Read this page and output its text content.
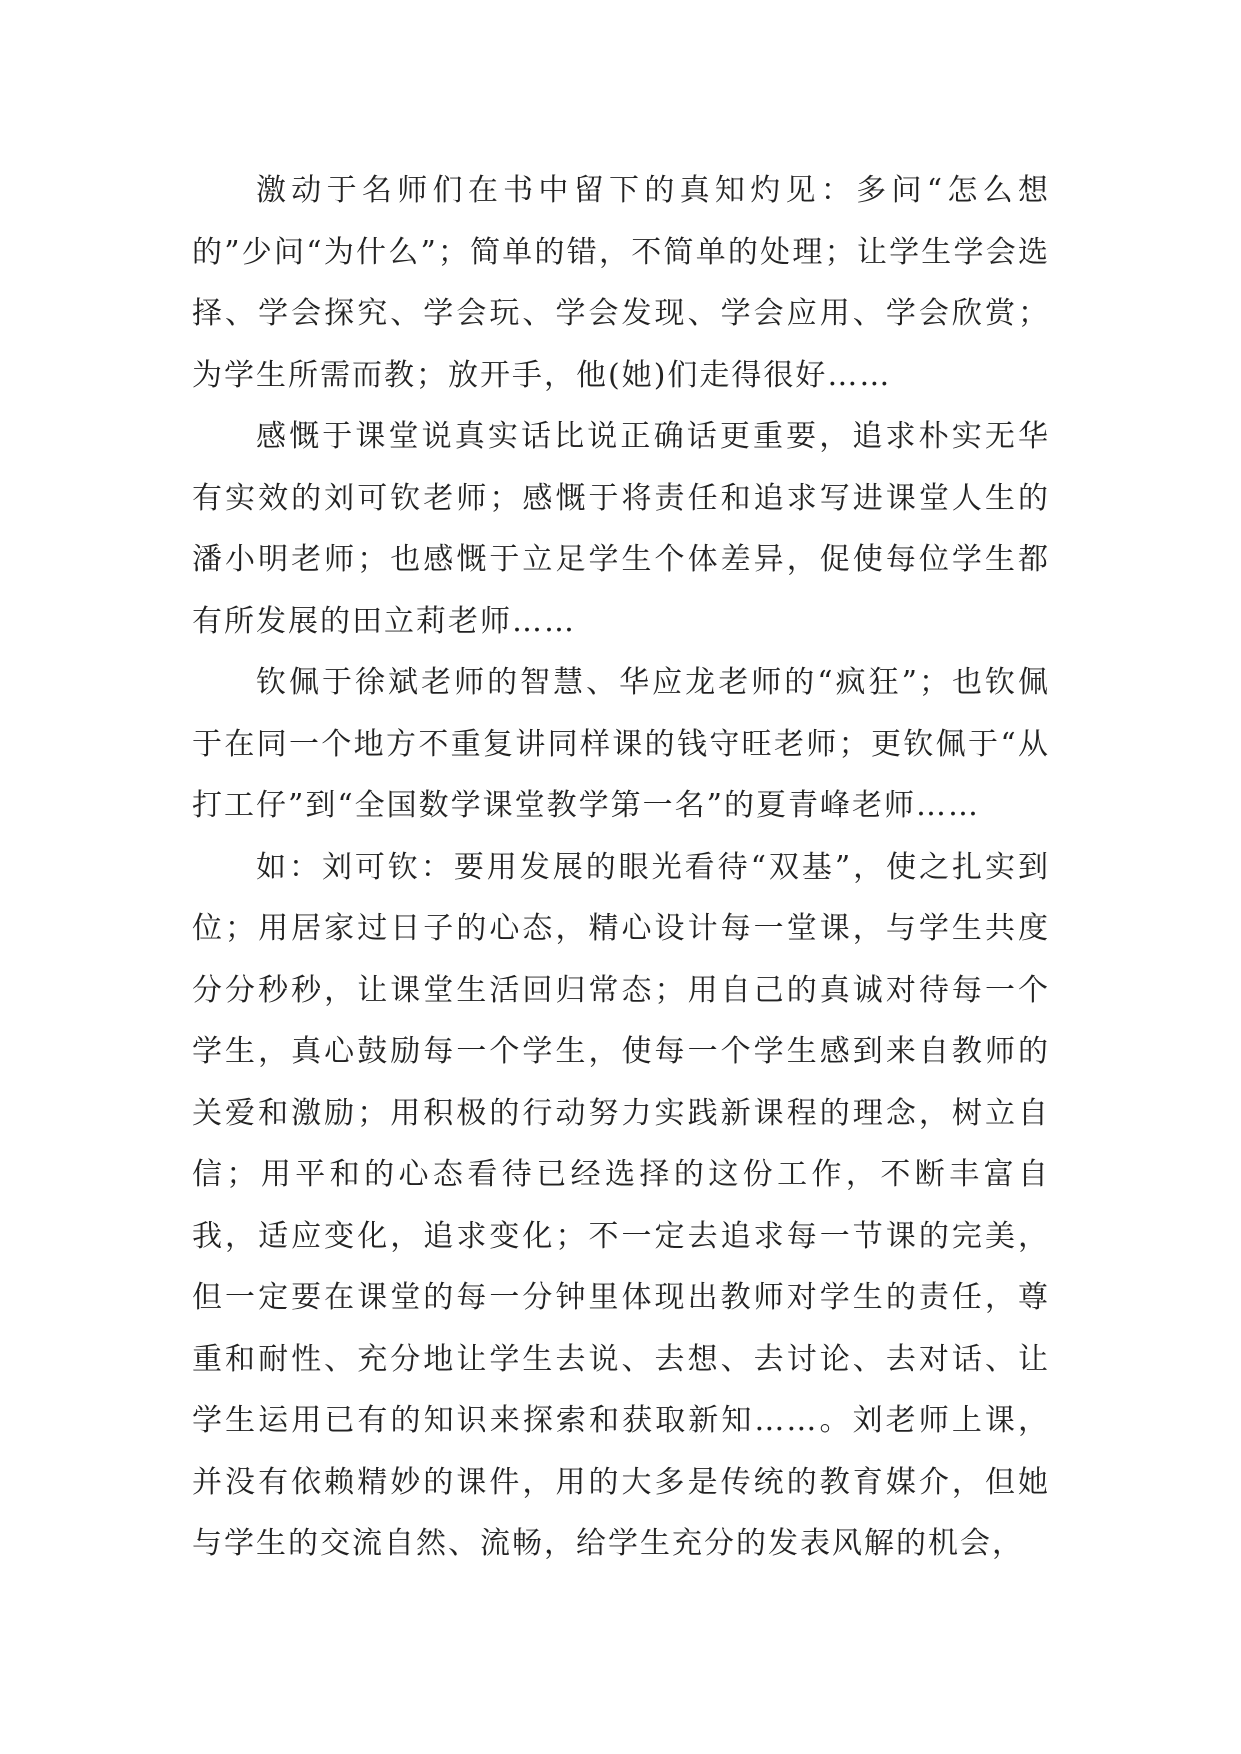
激动于名师们在书中留下的真知灼见：多问“怎么想的”少问“为什么”；简单的错，不简单的处理；让学生学会选择、学会探究、学会玩、学会发现、学会应用、学会欣赏；为学生所需而教；放开手，他(她)们走得很好……

感慨于课堂说真实话比说正确话更重要，追求朴实无华有实效的刘可钦老师；感慨于将责任和追求写进课堂人生的潘小明老师；也感慨于立足学生个体差异，促使每位学生都有所发展的田立莉老师……

钦佩于徐斌老师的智慧、华应龙老师的“疯狂”；也钦佩于在同一个地方不重复讲同样课的钱守旺老师；更钦佩于“从打工仔”到“全国数学课堂教学第一名”的夏青峰老师……

如：刘可钦：要用发展的眼光看待“双基”，使之扎实到位；用居家过日子的心态，精心设计每一堂课，与学生共度分分秒秒，让课堂生活回归常态；用自己的真诚对待每一个学生，真心鼓励每一个学生，使每一个学生感到来自教师的关爱和激励；用积极的行动努力实践新课程的理念，树立自信；用平和的心态看待已经选择的这份工作，不断丰富自我，适应变化，追求变化；不一定去追求每一节课的完美，但一定要在课堂的每一分钟里体现出教师对学生的责任，尊重和耐性、充分地让学生去说、去想、去讨论、去对话、让学生运用已有的知识来探索和获取新知……。刘老师上课，并没有依赖精妙的课件，用的大多是传统的教育媒介，但她与学生的交流自然、流畅，给学生充分的发表风解的机会，
